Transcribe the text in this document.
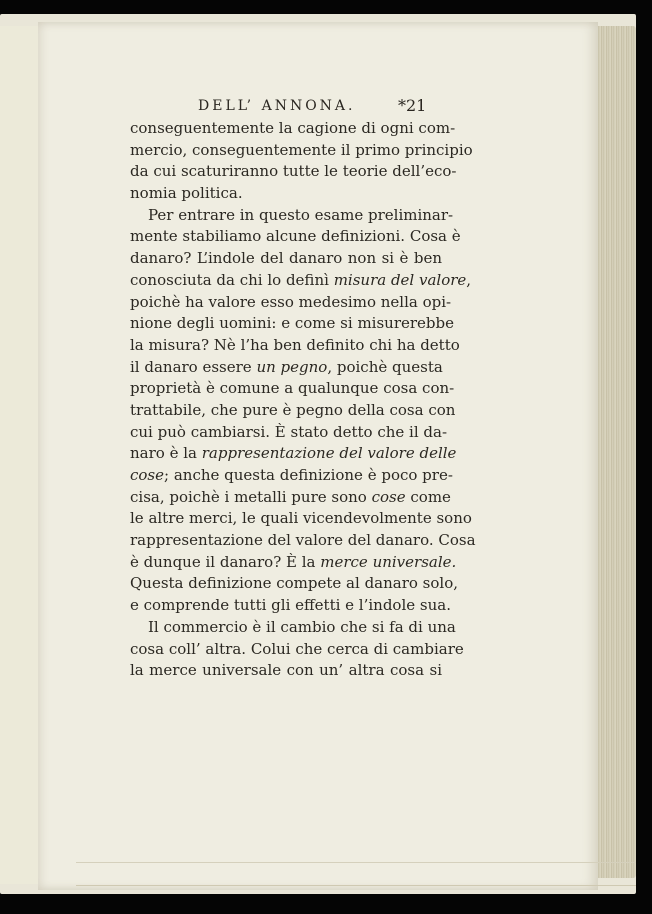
DELL’ ANNONA.	*21
conseguentemente la cagione di ogni com-
mercio, conseguentemente il primo principio
da cui scaturiranno tutte le teorie dell’eco-
nomia politica.
Per entrare in questo esame preliminar-
mente stabiliamo alcune definizioni. Cosa è
danaro? L’indole del danaro non si è ben
conosciuta da chi lo definì misura del valore,
poichè ha valore esso medesimo nella opi-
nione degli uomini: e come si misurerebbe
la misura? Nè l’ha ben definito chi ha detto
il danaro essere un pegno, poichè questa
proprietà è comune a qualunque cosa con-
trattabile, che pure è pegno della cosa con
cui può cambiarsi. È stato detto che il da-
naro è la rappresentazione del valore delle
cose; anche questa definizione è poco pre-
cisa, poichè i metalli pure sono cose come
le altre merci, le quali vicendevolmente sono
rappresentazione del valore del danaro. Cosa
è dunque il danaro? È la merce universale.
Questa definizione compete al danaro solo,
e comprende tutti gli effetti e l’indole sua.
Il commercio è il cambio che si fa di una
cosa coll’ altra. Colui che cerca di cambiare
la merce universale con un’ altra cosa si
